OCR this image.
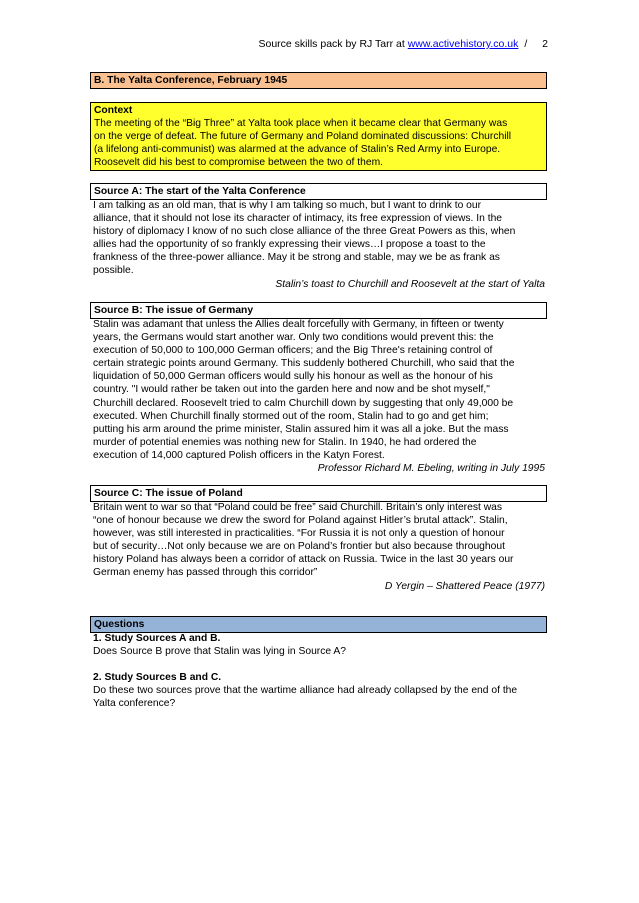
Source skills pack by RJ Tarr at www.activehistory.co.uk / 2
B. The Yalta Conference, February 1945
Context
The meeting of the “Big Three” at Yalta took place when it became clear that Germany was
on the verge of defeat. The future of Germany and Poland dominated discussions: Churchill
(a lifelong anti-communist) was alarmed at the advance of Stalin’s Red Army into Europe.
Roosevelt did his best to compromise between the two of them.
Source A: The start of the Yalta Conference
I am talking as an old man, that is why I am talking so much, but I want to drink to our
alliance, that it should not lose its character of intimacy, its free expression of views. In the
history of diplomacy I know of no such close alliance of the three Great Powers as this, when
allies had the opportunity of so frankly expressing their views…I propose a toast to the
frankness of the three-power alliance. May it be strong and stable, may we be as frank as
possible.
Stalin’s toast to Churchill and Roosevelt at the start of Yalta
Source B: The issue of Germany
Stalin was adamant that unless the Allies dealt forcefully with Germany, in fifteen or twenty
years, the Germans would start another war. Only two conditions would prevent this: the
execution of 50,000 to 100,000 German officers; and the Big Three's retaining control of
certain strategic points around Germany. This suddenly bothered Churchill, who said that the
liquidation of 50,000 German officers would sully his honour as well as the honour of his
country. "I would rather be taken out into the garden here and now and be shot myself,"
Churchill declared. Roosevelt tried to calm Churchill down by suggesting that only 49,000 be
executed. When Churchill finally stormed out of the room, Stalin had to go and get him;
putting his arm around the prime minister, Stalin assured him it was all a joke. But the mass
murder of potential enemies was nothing new for Stalin. In 1940, he had ordered the
execution of 14,000 captured Polish officers in the Katyn Forest.
Professor Richard M. Ebeling, writing in July 1995
Source C: The issue of Poland
Britain went to war so that “Poland could be free” said Churchill. Britain’s only interest was
“one of honour because we drew the sword for Poland against Hitler’s brutal attack”. Stalin,
however, was still interested in practicalities. “For Russia it is not only a question of honour
but of security…Not only because we are on Poland’s frontier but also because throughout
history Poland has always been a corridor of attack on Russia. Twice in the last 30 years our
German enemy has passed through this corridor”
D Yergin – Shattered Peace (1977)
Questions
1. Study Sources A and B.
Does Source B prove that Stalin was lying in Source A?
2. Study Sources B and C.
Do these two sources prove that the wartime alliance had already collapsed by the end of the
Yalta conference?
